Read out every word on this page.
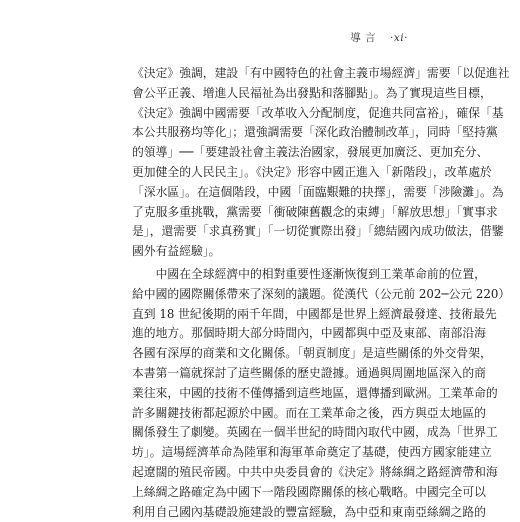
導 言 ·xi·
《決定》強調，建設「有中國特色的社會主義市場經濟」需要「以促進社
會公平正義、增進人民福祉為出發點和落腳點」。為了實現這些目標，
《決定》強調中國需要「改革收入分配制度，促進共同富裕」，確保「基
本公共服務均等化」；還強調需要「深化政治體制改革」，同時「堅持黨
的領導」──「要建設社會主義法治國家，發展更加廣泛、更加充分、
更加健全的人民民主」。《決定》形容中國正進入「新階段」，改革處於
「深水區」。在這個階段，中國「面臨艱難的抉擇」，需要「涉險灘」。為
了克服多重挑戰，黨需要「衝破陳舊觀念的束縛」「解放思想」「實事求
是」，還需要「求真務實」「一切從實際出發」「總結國內成功做法，借鑒
國外有益經驗」。
　　中國在全球經濟中的相對重要性逐漸恢復到工業革命前的位置，
給中國的國際關係帶來了深刻的議題。從漢代（公元前 202─公元 220）
直到 18 世紀後期的兩千年間，中國都是世界上經濟最發達、技術最先
進的地方。那個時期大部分時間內，中國都與中亞及東部、南部沿海
各國有深厚的商業和文化關係。「朝貢制度」是這些關係的外交骨架，
本書第一篇就探討了這些關係的歷史證據。通過與周圍地區深入的商
業往來，中國的技術不僅傳播到這些地區，還傳播到歐洲。工業革命的
許多關鍵技術都起源於中國。而在工業革命之後，西方與亞太地區的
關係發生了劇變。英國在一個半世紀的時間內取代中國，成為「世界工
坊」。這場經濟革命為陸軍和海軍革命奠定了基礎，使西方國家能建立
起遼闊的殖民帝國。中共中央委員會的《決定》將絲綢之路經濟帶和海
上絲綢之路確定為中國下一階段國際關係的核心戰略。中國完全可以
利用自己國內基礎設施建設的豐富經驗，為中亞和東南亞絲綢之路的
